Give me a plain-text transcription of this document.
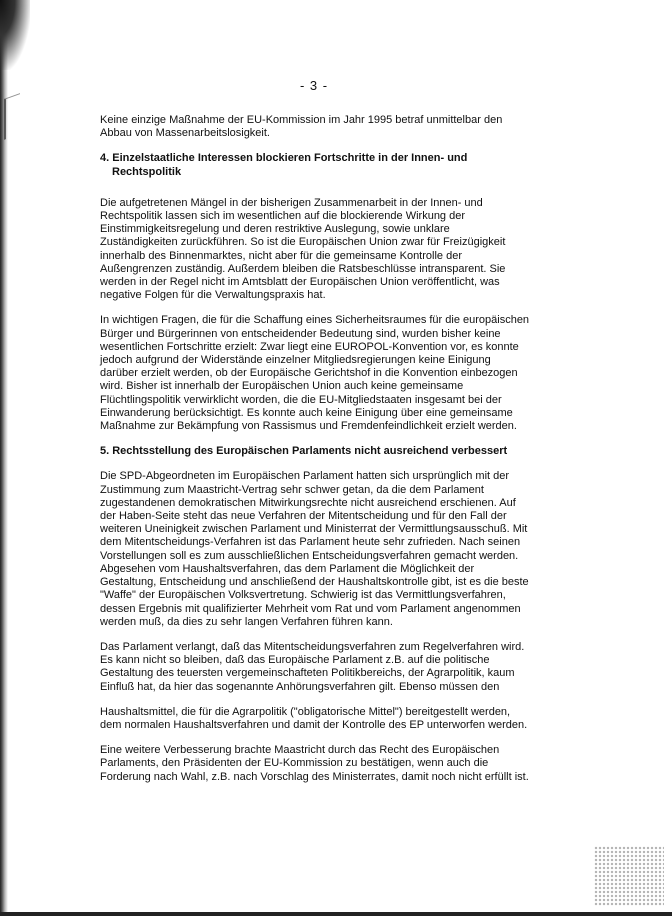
- 3 -

Keine einzige Maßnahme der EU-Kommission im Jahr 1995 betraf unmittelbar den Abbau von Massenarbeitslosigkeit.

4. Einzelstaatliche Interessen blockieren Fortschritte in der Innen- und Rechtspolitik

Die aufgetretenen Mängel in der bisherigen Zusammenarbeit in der Innen- und Rechtspolitik lassen sich im wesentlichen auf die blockierende Wirkung der Einstimmigkeitsregelung und deren restriktive Auslegung, sowie unklare Zuständigkeiten zurückführen. So ist die Europäischen Union zwar für Freizügigkeit innerhalb des Binnenmarktes, nicht aber für die gemeinsame Kontrolle der Außengrenzen zuständig. Außerdem bleiben die Ratsbeschlüsse intransparent. Sie werden in der Regel nicht im Amtsblatt der Europäischen Union veröffentlicht, was negative Folgen für die Verwaltungspraxis hat.

In wichtigen Fragen, die für die Schaffung eines Sicherheitsraumes für die europäischen Bürger und Bürgerinnen von entscheidender Bedeutung sind, wurden bisher keine wesentlichen Fortschritte erzielt: Zwar liegt eine EUROPOL-Konvention vor, es konnte jedoch aufgrund der Widerstände einzelner Mitgliedsregierungen keine Einigung darüber erzielt werden, ob der Europäische Gerichtshof in die Konvention einbezogen wird. Bisher ist innerhalb der Europäischen Union auch keine gemeinsame Flüchtlingspolitik verwirklicht worden, die die EU-Mitgliedstaaten insgesamt bei der Einwanderung berücksichtigt. Es konnte auch keine Einigung über eine gemeinsame Maßnahme zur Bekämpfung von Rassismus und Fremdenfeindlichkeit erzielt werden.

5. Rechtsstellung des Europäischen Parlaments nicht ausreichend verbessert

Die SPD-Abgeordneten im Europäischen Parlament hatten sich ursprünglich mit der Zustimmung zum Maastricht-Vertrag sehr schwer getan, da die dem Parlament zugestandenen demokratischen Mitwirkungsrechte nicht ausreichend erschienen. Auf der Haben-Seite steht das neue Verfahren der Mitentscheidung und für den Fall der weiteren Uneinigkeit zwischen Parlament und Ministerrat der Vermittlungsausschuß. Mit dem Mitentscheidungs-Verfahren ist das Parlament heute sehr zufrieden. Nach seinen Vorstellungen soll es zum ausschließlichen Entscheidungsverfahren gemacht werden. Abgesehen vom Haushaltsverfahren, das dem Parlament die Möglichkeit der Gestaltung, Entscheidung und anschließend der Haushaltskontrolle gibt, ist es die beste "Waffe" der Europäischen Volksvertretung. Schwierig ist das Vermittlungsverfahren, dessen Ergebnis mit qualifizierter Mehrheit vom Rat und vom Parlament angenommen werden muß, da dies zu sehr langen Verfahren führen kann.

Das Parlament verlangt, daß das Mitentscheidungsverfahren zum Regelverfahren wird. Es kann nicht so bleiben, daß das Europäische Parlament z.B. auf die politische Gestaltung des teuersten vergemeinschafteten Politikbereichs, der Agrarpolitik, kaum Einfluß hat, da hier das sogenannte Anhörungsverfahren gilt. Ebenso müssen den

Haushaltsmittel, die für die Agrarpolitik ("obligatorische Mittel") bereitgestellt werden, dem normalen Haushaltsverfahren und damit der Kontrolle des EP unterworfen werden.

Eine weitere Verbesserung brachte Maastricht durch das Recht des Europäischen Parlaments, den Präsidenten der EU-Kommission zu bestätigen, wenn auch die Forderung nach Wahl, z.B. nach Vorschlag des Ministerrates, damit noch nicht erfüllt ist.
